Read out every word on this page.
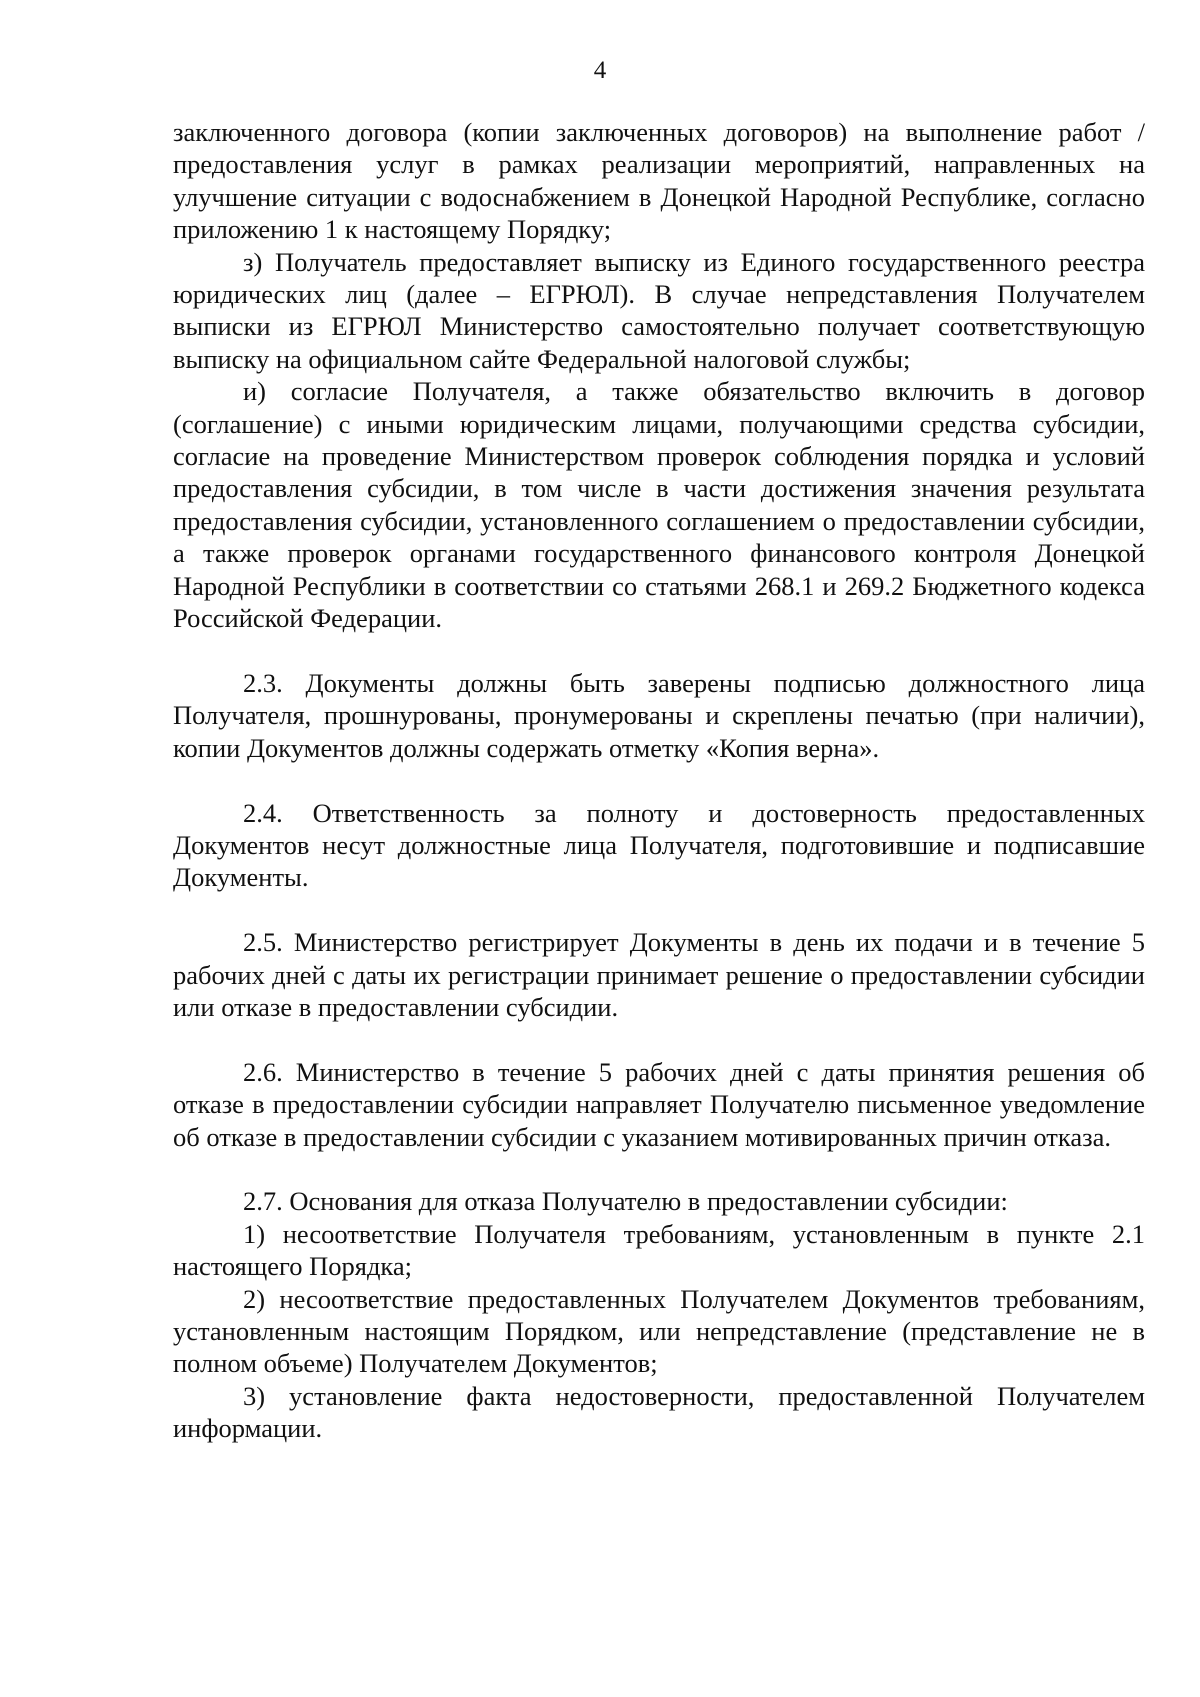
4

заключенного договора (копии заключенных договоров) на выполнение работ / предоставления услуг в рамках реализации мероприятий, направленных на улучшение ситуации с водоснабжением в Донецкой Народной Республике, согласно приложению 1 к настоящему Порядку;

з) Получатель предоставляет выписку из Единого государственного реестра юридических лиц (далее – ЕГРЮЛ). В случае непредставления Получателем выписки из ЕГРЮЛ Министерство самостоятельно получает соответствующую выписку на официальном сайте Федеральной налоговой службы;

и) согласие Получателя, а также обязательство включить в договор (соглашение) с иными юридическим лицами, получающими средства субсидии, согласие на проведение Министерством проверок соблюдения порядка и условий предоставления субсидии, в том числе в части достижения значения результата предоставления субсидии, установленного соглашением о предоставлении субсидии, а также проверок органами государственного финансового контроля Донецкой Народной Республики в соответствии со статьями 268.1 и 269.2 Бюджетного кодекса Российской Федерации.

2.3. Документы должны быть заверены подписью должностного лица Получателя, прошнурованы, пронумерованы и скреплены печатью (при наличии), копии Документов должны содержать отметку «Копия верна».

2.4. Ответственность за полноту и достоверность предоставленных Документов несут должностные лица Получателя, подготовившие и подписавшие Документы.

2.5. Министерство регистрирует Документы в день их подачи и в течение 5 рабочих дней с даты их регистрации принимает решение о предоставлении субсидии или отказе в предоставлении субсидии.

2.6. Министерство в течение 5 рабочих дней с даты принятия решения об отказе в предоставлении субсидии направляет Получателю письменное уведомление об отказе в предоставлении субсидии с указанием мотивированных причин отказа.

2.7. Основания для отказа Получателю в предоставлении субсидии:

1) несоответствие Получателя требованиям, установленным в пункте 2.1 настоящего Порядка;

2) несоответствие предоставленных Получателем Документов требованиям, установленным настоящим Порядком, или непредставление (представление не в полном объеме) Получателем Документов;

3) установление факта недостоверности, предоставленной Получателем информации.
